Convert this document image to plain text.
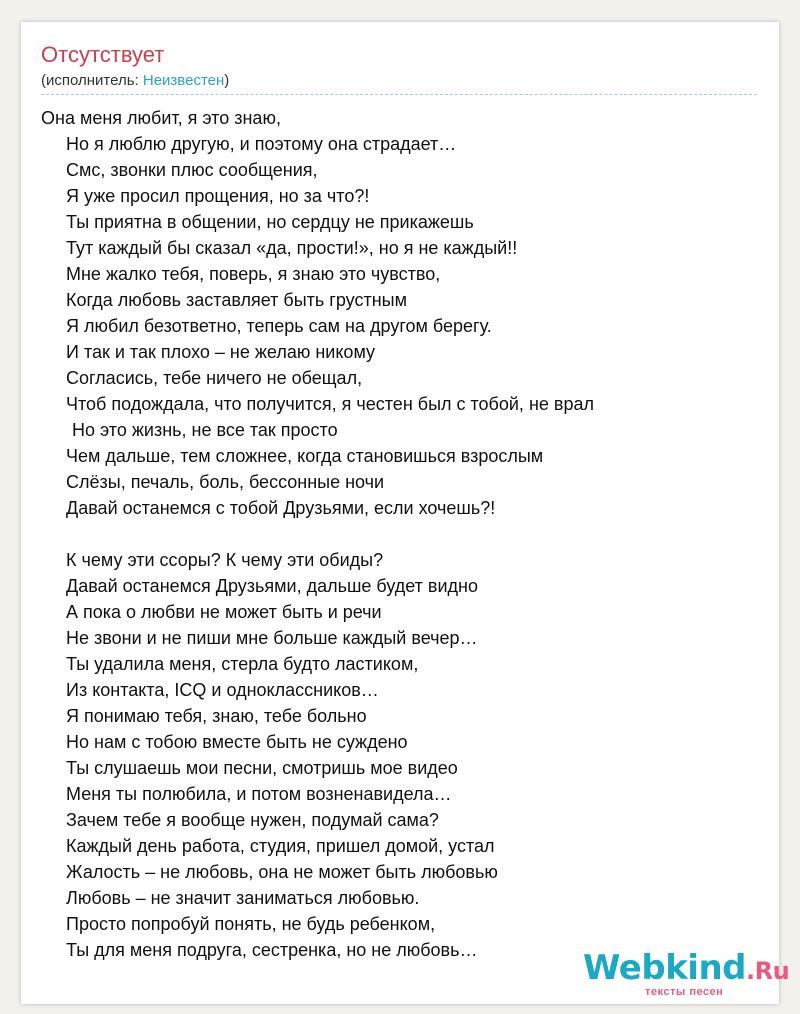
Отсутствует
(исполнитель: Неизвестен)
Она меня любит, я это знаю,
Но я люблю другую, и поэтому она страдает…
Смс, звонки плюс сообщения,
Я уже просил прощения, но за что?!
Ты приятна в общении, но сердцу не прикажешь
Тут каждый бы сказал «да, прости!», но я не каждый!!
Мне жалко тебя, поверь, я знаю это чувство,
Когда любовь заставляет быть грустным
Я любил безответно, теперь сам на другом берегу.
И так и так плохо – не желаю никому
Согласись, тебе ничего не обещал,
Чтоб подождала, что получится, я честен был с тобой, не врал
Но это жизнь, не все так просто
Чем дальше, тем сложнее, когда становишься взрослым
Слёзы, печаль, боль, бессонные ночи
Давай останемся с тобой Друзьями, если хочешь?!
К чему эти ссоры? К чему эти обиды?
Давай останемся Друзьями, дальше будет видно
А пока о любви не может быть и речи
Не звони и не пиши мне больше каждый вечер…
Ты удалила меня, стерла будто ластиком,
Из контакта, ICQ и одноклассников…
Я понимаю тебя, знаю, тебе больно
Но нам с тобою вместе быть не суждено
Ты слушаешь мои песни, смотришь мое видео
Меня ты полюбила, и потом возненавидела…
Зачем тебе я вообще нужен, подумай сама?
Каждый день работа, студия, пришел домой, устал
Жалость – не любовь, она не может быть любовью
Любовь – не значит заниматься любовью.
Просто попробуй понять, не будь ребенком,
Ты для меня подруга, сестренка, но не любовь…	Webkind.Ru
тексты песен
